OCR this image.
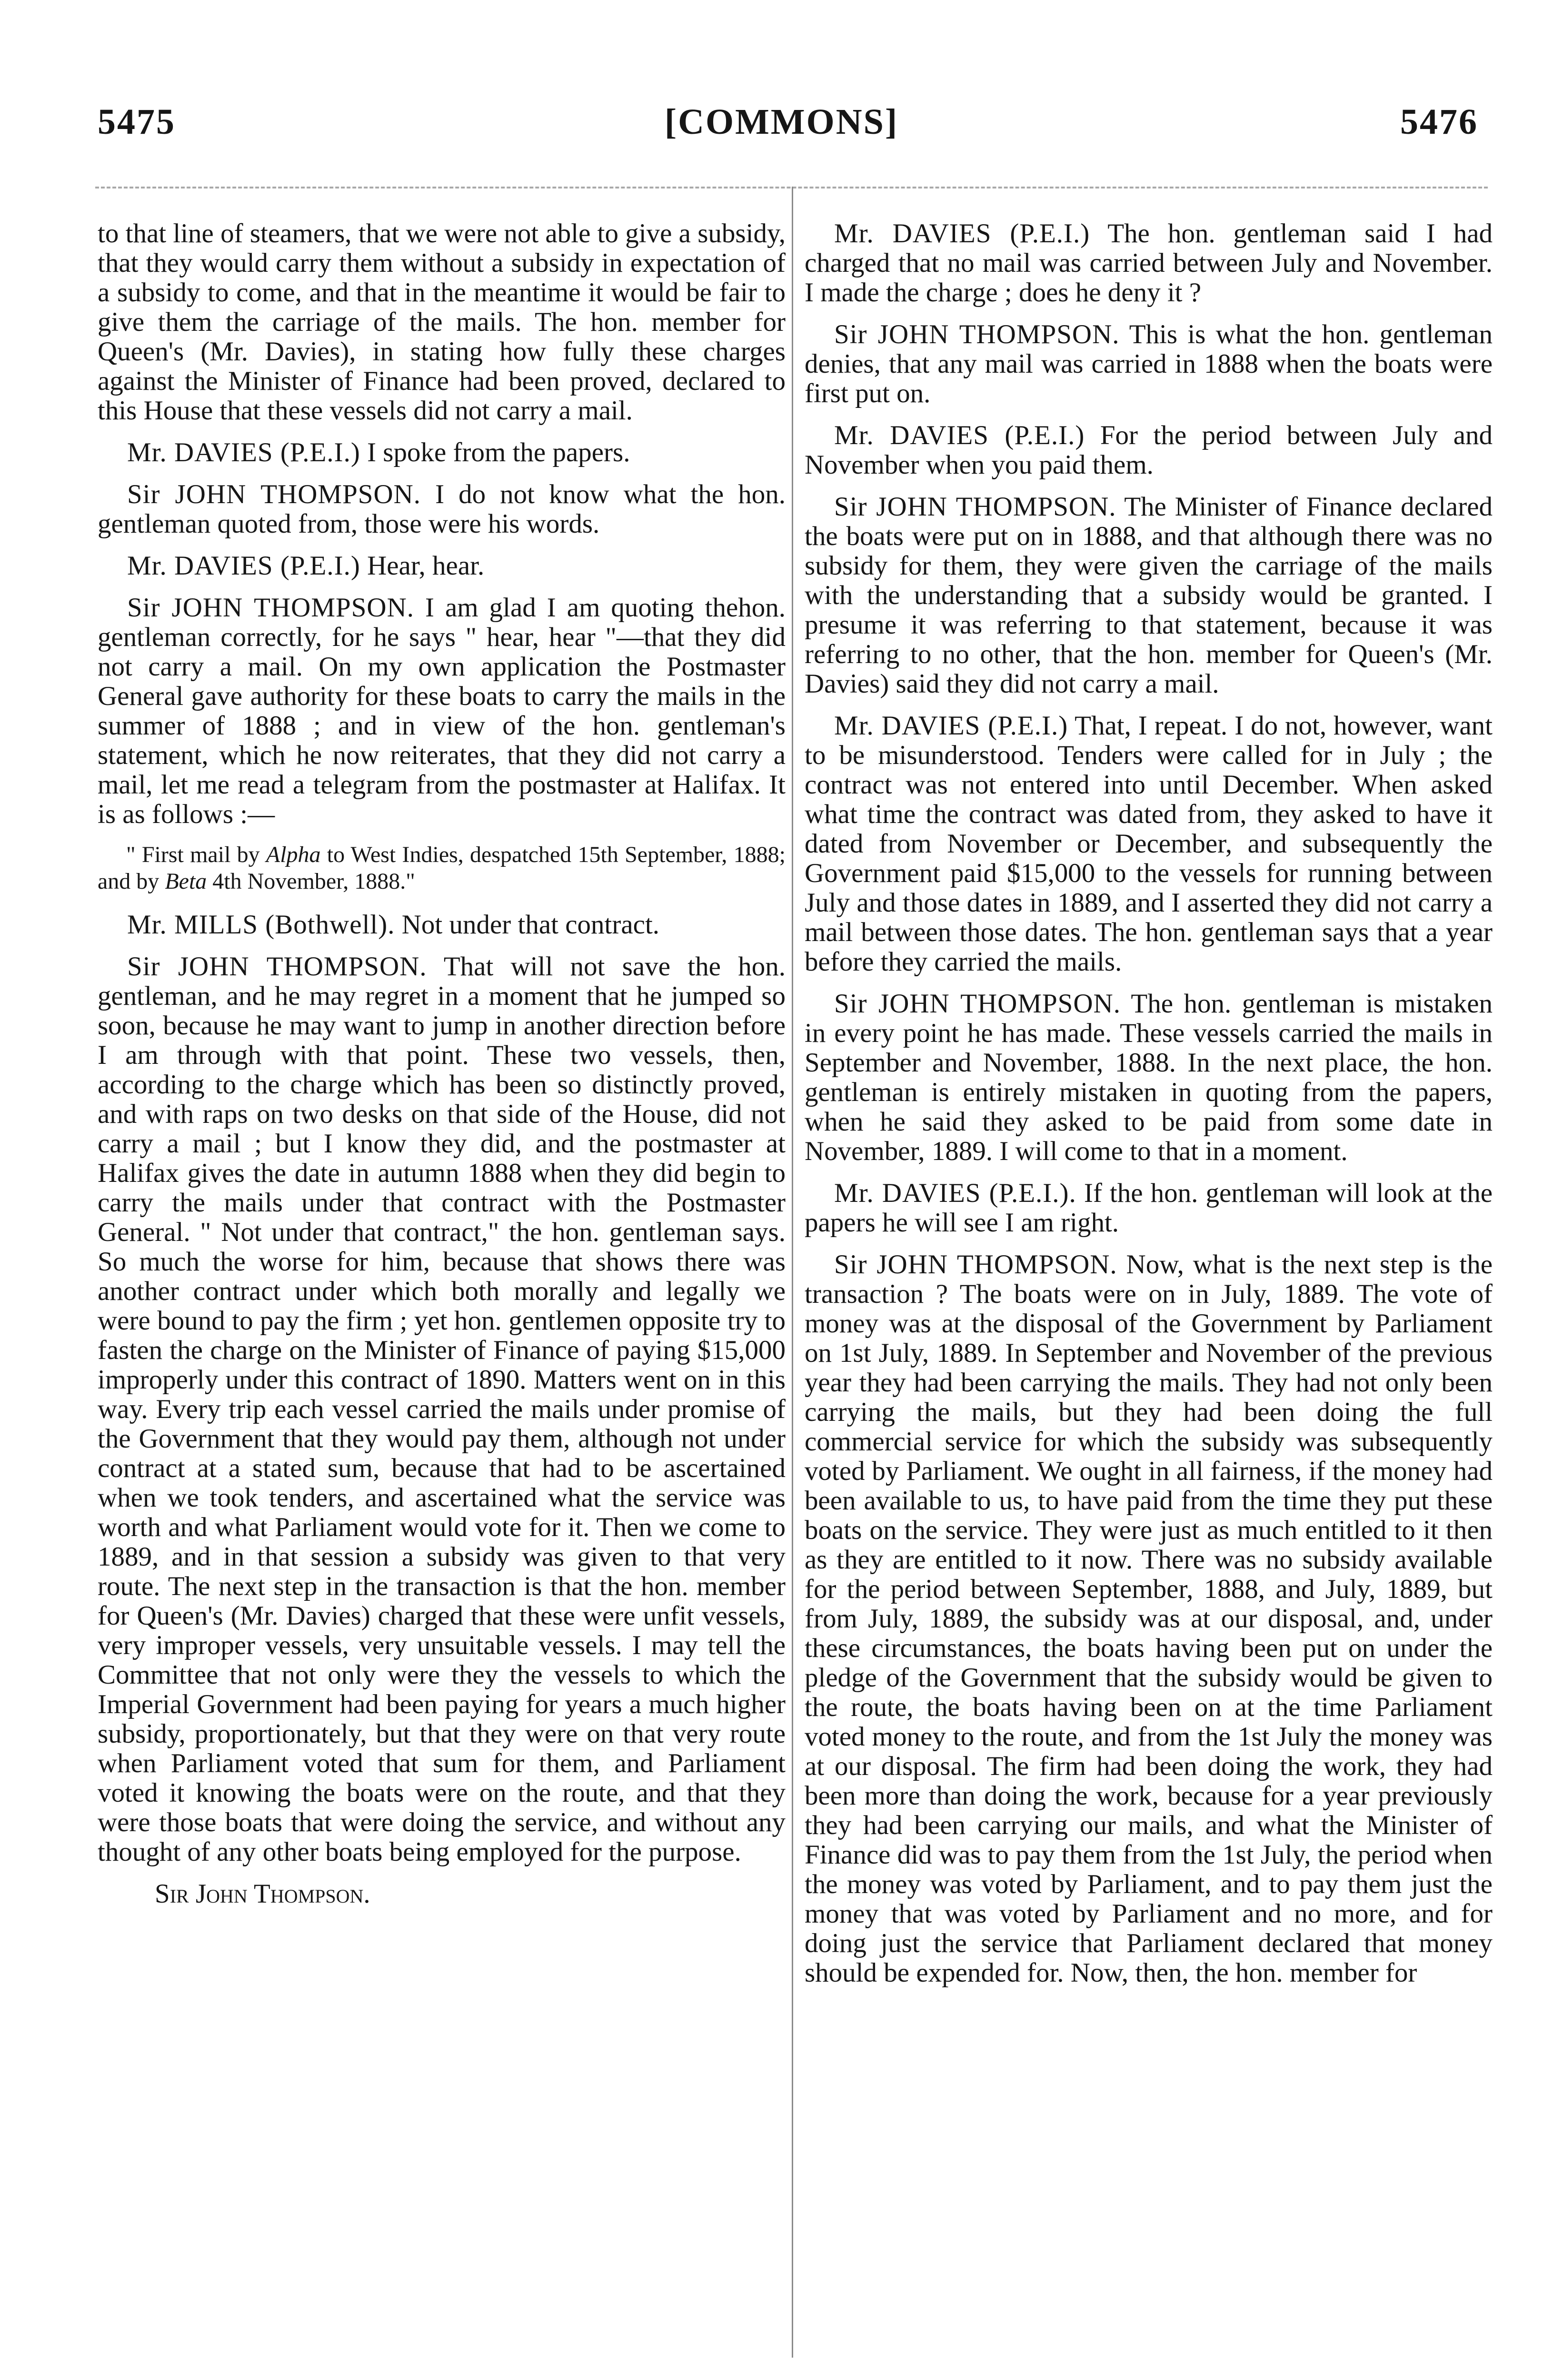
5475	[COMMONS]	5476

to that line of steamers, that we were not able to give a subsidy, that they would carry them without a subsidy in expectation of a subsidy to come, and that in the meantime it would be fair to give them the carriage of the mails. The hon. member for Queen's (Mr. Davies), in stating how fully these charges against the Minister of Finance had been proved, declared to this House that these vessels did not carry a mail.

Mr. DAVIES (P.E.I.) I spoke from the papers.

Sir JOHN THOMPSON. I do not know what the hon. gentleman quoted from, those were his words.

Mr. DAVIES (P.E.I.) Hear, hear.

Sir JOHN THOMPSON. I am glad I am quoting thehon. gentleman correctly, for he says " hear, hear "—that they did not carry a mail. On my own application the Postmaster General gave authority for these boats to carry the mails in the summer of 1888 ; and in view of the hon. gentleman's statement, which he now reiterates, that they did not carry a mail, let me read a telegram from the postmaster at Halifax. It is as follows :—

" First mail by Alpha to West Indies, despatched 15th September, 1888; and by Beta 4th November, 1888."

Mr. MILLS (Bothwell). Not under that contract.

Sir JOHN THOMPSON. That will not save the hon. gentleman, and he may regret in a moment that he jumped so soon, because he may want to jump in another direction before I am through with that point. These two vessels, then, according to the charge which has been so distinctly proved, and with raps on two desks on that side of the House, did not carry a mail ; but I know they did, and the postmaster at Halifax gives the date in autumn 1888 when they did begin to carry the mails under that contract with the Postmaster General. " Not under that contract," the hon. gentleman says. So much the worse for him, because that shows there was another contract under which both morally and legally we were bound to pay the firm ; yet hon. gentlemen opposite try to fasten the charge on the Minister of Finance of paying $15,000 improperly under this contract of 1890. Matters went on in this way. Every trip each vessel carried the mails under promise of the Government that they would pay them, although not under contract at a stated sum, because that had to be ascertained when we took tenders, and ascertained what the service was worth and what Parliament would vote for it. Then we come to 1889, and in that session a subsidy was given to that very route. The next step in the transaction is that the hon. member for Queen's (Mr. Davies) charged that these were unfit vessels, very improper vessels, very unsuitable vessels. I may tell the Committee that not only were they the vessels to which the Imperial Government had been paying for years a much higher subsidy, proportionately, but that they were on that very route when Parliament voted that sum for them, and Parliament voted it knowing the boats were on the route, and that they were those boats that were doing the service, and without any thought of any other boats being employed for the purpose.

Sir John Thompson.

Mr. DAVIES (P.E.I.) The hon. gentleman said I had charged that no mail was carried between July and November. I made the charge ; does he deny it ?

Sir JOHN THOMPSON. This is what the hon. gentleman denies, that any mail was carried in 1888 when the boats were first put on.

Mr. DAVIES (P.E.I.) For the period between July and November when you paid them.

Sir JOHN THOMPSON. The Minister of Finance declared the boats were put on in 1888, and that although there was no subsidy for them, they were given the carriage of the mails with the understanding that a subsidy would be granted. I presume it was referring to that statement, because it was referring to no other, that the hon. member for Queen's (Mr. Davies) said they did not carry a mail.

Mr. DAVIES (P.E.I.) That, I repeat. I do not, however, want to be misunderstood. Tenders were called for in July ; the contract was not entered into until December. When asked what time the contract was dated from, they asked to have it dated from November or December, and subsequently the Government paid $15,000 to the vessels for running between July and those dates in 1889, and I asserted they did not carry a mail between those dates. The hon. gentleman says that a year before they carried the mails.

Sir JOHN THOMPSON. The hon. gentleman is mistaken in every point he has made. These vessels carried the mails in September and November, 1888. In the next place, the hon. gentleman is entirely mistaken in quoting from the papers, when he said they asked to be paid from some date in November, 1889. I will come to that in a moment.

Mr. DAVIES (P.E.I.). If the hon. gentleman will look at the papers he will see I am right.

Sir JOHN THOMPSON. Now, what is the next step is the transaction ? The boats were on in July, 1889. The vote of money was at the disposal of the Government by Parliament on 1st July, 1889. In September and November of the previous year they had been carrying the mails. They had not only been carrying the mails, but they had been doing the full commercial service for which the subsidy was subsequently voted by Parliament. We ought in all fairness, if the money had been available to us, to have paid from the time they put these boats on the service. They were just as much entitled to it then as they are entitled to it now. There was no subsidy available for the period between September, 1888, and July, 1889, but from July, 1889, the subsidy was at our disposal, and, under these circumstances, the boats having been put on under the pledge of the Government that the subsidy would be given to the route, the boats having been on at the time Parliament voted money to the route, and from the 1st July the money was at our disposal. The firm had been doing the work, they had been more than doing the work, because for a year previously they had been carrying our mails, and what the Minister of Finance did was to pay them from the 1st July, the period when the money was voted by Parliament, and to pay them just the money that was voted by Parliament and no more, and for doing just the service that Parliament declared that money should be expended for. Now, then, the hon. member for
